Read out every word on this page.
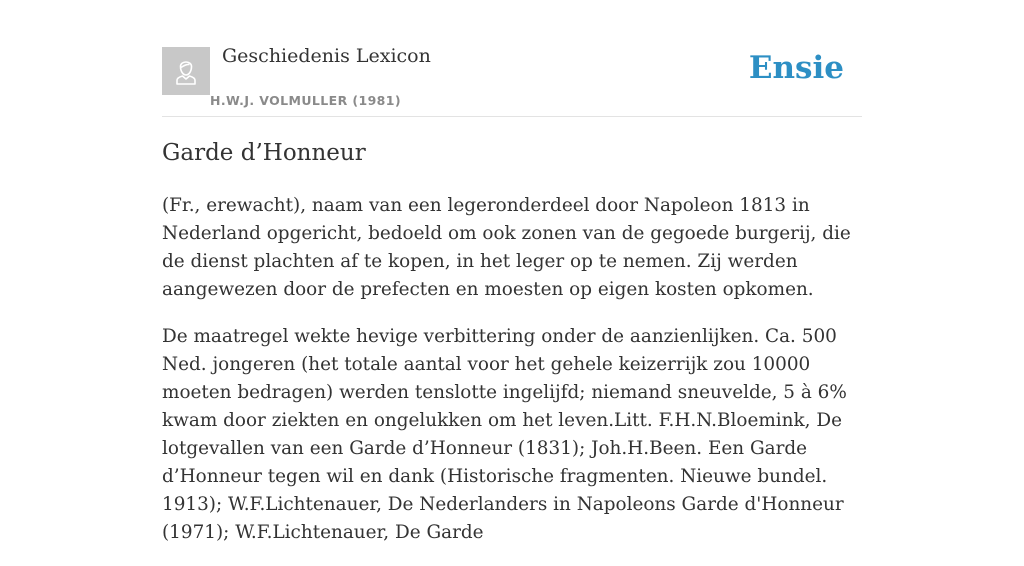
Geschiedenis Lexicon
H.W.J. VOLMULLER (1981)
Ensie
Garde d’Honneur

(Fr., erewacht), naam van een legeronderdeel door Napoleon 1813 in Nederland opgericht, bedoeld om ook zonen van de gegoede burgerij, die de dienst plachten af te kopen, in het leger op te nemen. Zij werden aangewezen door de prefecten en moesten op eigen kosten opkomen.

De maatregel wekte hevige verbittering onder de aanzienlijken. Ca. 500 Ned. jongeren (het totale aantal voor het gehele keizerrijk zou 10000 moeten bedragen) werden tenslotte ingelijfd; niemand sneuvelde, 5 à 6% kwam door ziekten en ongelukken om het leven.Litt. F.H.N.Bloemink, De lotgevallen van een Garde d’Honneur (1831); Joh.H.Been. Een Garde d’Honneur tegen wil en dank (Historische fragmenten. Nieuwe bundel. 1913); W.F.Lichtenauer, De Nederlanders in Napoleons Garde d'Honneur (1971); W.F.Lichtenauer, De Garde
